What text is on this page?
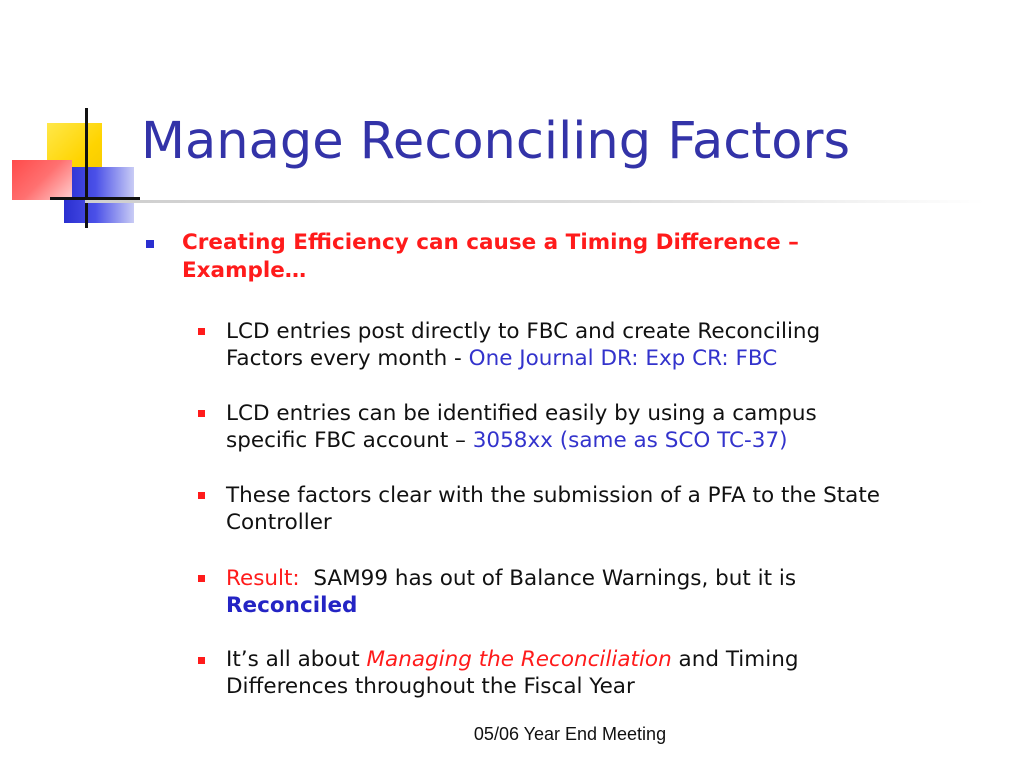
Manage Reconciling Factors
Creating Efficiency can cause a Timing Difference –
Example…
LCD entries post directly to FBC and create Reconciling
Factors every month - One Journal DR: Exp CR: FBC
LCD entries can be identified easily by using a campus
specific FBC account – 3058xx (same as SCO TC-37)
These factors clear with the submission of a PFA to the State
Controller
Result:  SAM99 has out of Balance Warnings, but it is
Reconciled
It’s all about Managing the Reconciliation and Timing
Differences throughout the Fiscal Year
05/06 Year End Meeting
